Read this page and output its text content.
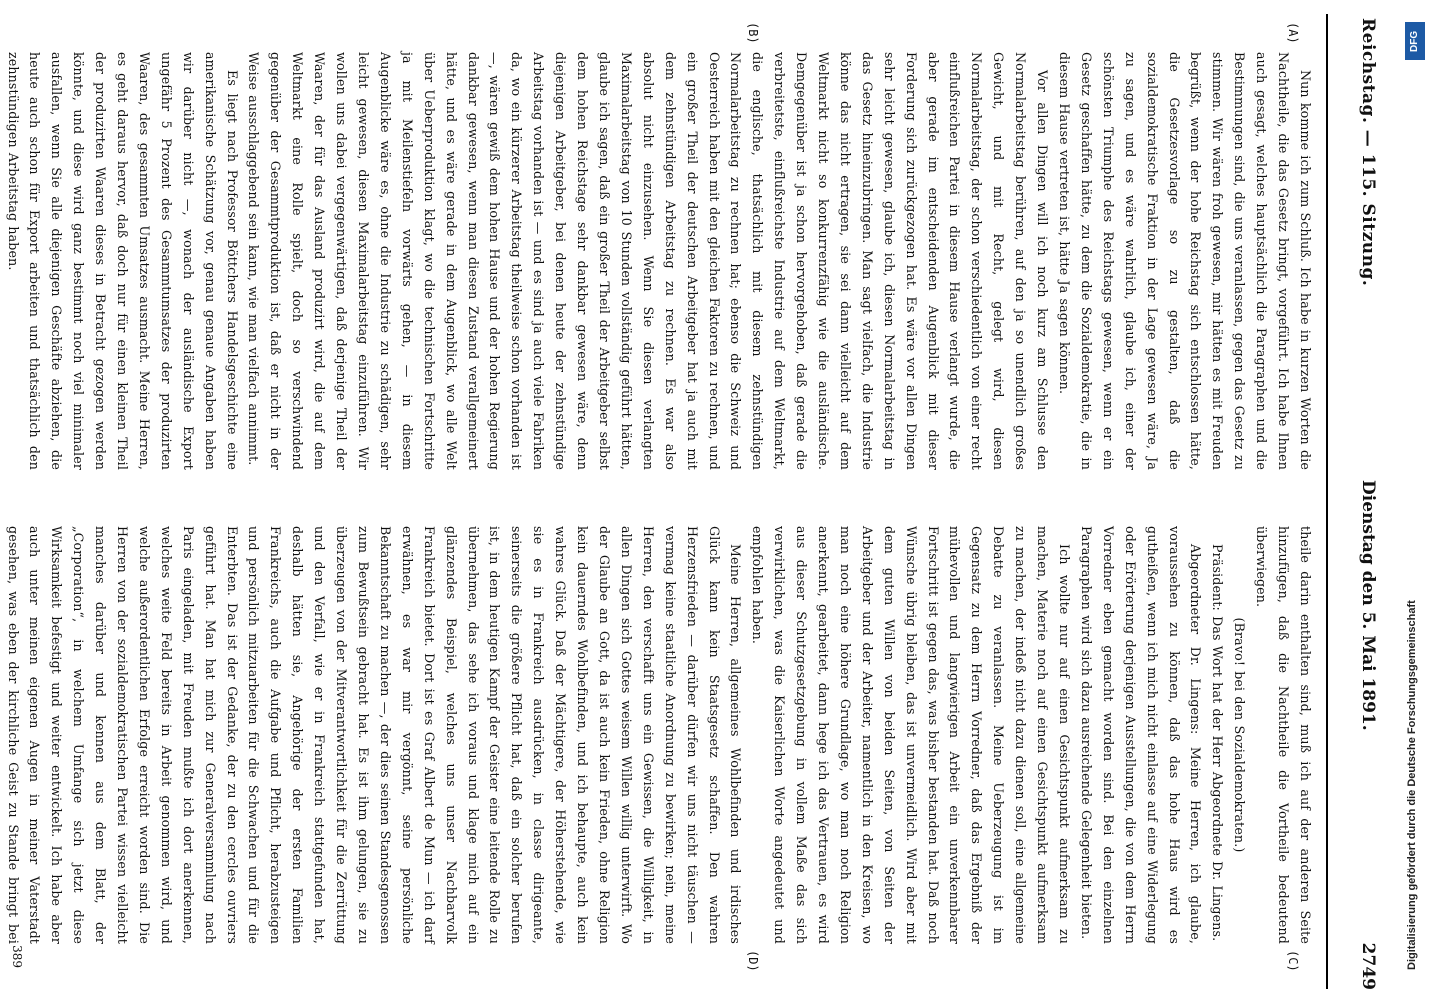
Reichstag. — 115. Sitzung.
Dienstag den 5. Mai 1891.
2749
(A)
(B)
(C)
(D)

Nun komme ich zum Schluß. Ich habe in kurzen Worten die Nachtheile, die das Gesetz bringt, vorgeführt. Ich habe Ihnen auch gesagt, welches hauptsächlich die Paragraphen und die Bestimmungen sind, die uns veranlassen, gegen das Gesetz zu stimmen. Wir wären froh gewesen, mir hätten es mit Freuden begrüßt, wenn der hohe Reichstag sich entschlossen hätte, die Gesetzesvorlage so zu gestalten, daß die sozialdemokratische Fraktion in der Lage gewesen wäre, Ja zu sagen, und es wäre wahrlich, glaube ich, einer der schönsten Triumphe des Reichstags gewesen, wenn er ein Gesetz geschaffen hätte, zu dem die Sozialdemokratie, die in diesem Hause vertreten ist, hätte Ja sagen können.

Vor allen Dingen will ich noch kurz am Schlusse den Normalarbeitstag berühren, auf den ja so unendlich großes Gewicht, und mit Recht, gelegt wird, diesen Normalarbeitstag, der schon verschiedentlich von einer recht einflußreichen Partei in diesem Hause verlangt wurde, die aber gerade im entscheidenden Augenblick mit dieser Forderung sich zurückgezogen hat. Es wäre vor allen Dingen sehr leicht gewesen, glaube ich, diesen Normalarbeitstag in das Gesetz hineinzubringen. Man sagt vielfach, die Industrie könne das nicht ertragen, sie sei dann vielleicht auf dem Weltmarkt nicht so konkurrenzfähig wie die ausländische. Demgegenüber ist ja schon hervorgehoben, daß gerade die verbreitetste, einflußreichste Industrie auf dem Weltmarkt, die englische, thatsächlich mit diesem zehnstündigen Normalarbeitstag zu rechnen hat; ebenso die Schweiz und Oesterreich haben mit den gleichen Faktoren zu rechnen, und ein großer Theil der deutschen Arbeitgeber hat ja auch mit dem zehnstündigen Arbeitstag zu rechnen. Es war also absolut nicht einzusehen. Wenn Sie diesen verlangten Maximalarbeitstag von 10 Stunden vollständig geführt hätten, glaube ich sagen, daß ein großer Theil der Arbeitgeber selbst dem hohen Reichstage sehr dankbar gewesen wäre, denn diejenigen Arbeitgeber, bei denen heute der zehnstündige Arbeitstag vorhanden ist — und es sind ja auch viele Fabriken da, wo ein kürzerer Arbeitstag theilweise schon vorhanden ist —, wären gewiß dem hohen Hause und der hohen Regierung dankbar gewesen, wenn man diesen Zustand verallgemeinert hätte, und es wäre gerade in dem Augenblick, wo alle Welt über Ueberproduktion klagt, wo die technischen Fortschritte ja mit Meilenstiefeln vorwärts gehen, — in diesem Augenblicke wäre es, ohne die Industrie zu schädigen, sehr leicht gewesen, diesen Maximalarbeitstag einzuführen. Wir wollen uns dabei vergegenwärtigen, daß derjenige Theil der Waaren, der für das Ausland produzirt wird, die auf dem Weltmarkt eine Rolle spielt, doch so verschwindend gegenüber der Gesammtproduktion ist, daß er nicht in der Weise ausschlaggebend sein kann, wie man vielfach annimmt.

Es liegt nach Professor Böttchers Handelsgeschichte eine amerikanische Schätzung vor, genau genaue Angaben haben wir darüber nicht —, wonach der ausländische Export ungefähr 5 Prozent des Gesammtumsatzes der produzirten Waaren, des gesammten Umsatzes ausmacht. Meine Herren, es geht daraus hervor, daß doch nur für einen kleinen Theil der produzirten Waaren dieses in Betracht gezogen werden könnte, und diese wird ganz bestimmt noch viel minimaler ausfallen, wenn Sie alle diejenigen Geschäfte abziehen, die heute auch schon für Export arbeiten und thatsächlich den zehnstündigen Arbeitstag haben.

theile darin enthalten sind, muß ich auf der anderen Seite hinzufügen, daß die Nachtheile die Vortheile bedeutend überwiegen.

(Bravo! bei den Sozialdemokraten.)

Präsident: Das Wort hat der Herr Abgeordnete Dr. Lingens.

Abgeordneter Dr. Lingens: Meine Herren, ich glaube, voraussehen zu können, daß das hohe Haus wird es gutheißen, wenn ich mich nicht einlasse auf eine Widerlegung oder Erörterung derjenigen Ausstellungen, die von dem Herrn Vorredner eben gemacht worden sind. Bei den einzelnen Paragraphen wird sich dazu ausreichende Gelegenheit bieten.

Ich wollte nur auf einen Gesichtspunkt aufmerksam zu machen, Materie noch auf einen Gesichtspunkt aufmerksam zu machen, der indeß nicht dazu dienen soll, eine allgemeine Debatte zu veranlassen. Meine Ueberzeugung ist im Gegensatz zu dem Herrn Vorredner, daß das Ergebniß der mühevollen und langwierigen Arbeit ein unverkennbarer Fortschritt ist gegen das, was bisher bestanden hat. Daß noch Wünsche übrig bleiben, das ist unvermeidlich. Wird aber mit dem guten Willen von beiden Seiten, von Seiten der Arbeitgeber und der Arbeiter, namentlich in den Kreisen, wo man noch eine höhere Grundlage, wo man noch Religion anerkennt, gearbeitet, dann hege ich das Vertrauen, es wird aus dieser Schutzgesetzgebung in vollem Maße das sich verwirklichen, was die Kaiserlichen Worte angedeutet und empfohlen haben.

Meine Herren, allgemeines Wohlbefinden und irdisches Glück kann kein Staatsgesetz schaffen. Den wahren Herzensfrieden — darüber dürfen wir uns nicht täuschen — vermag keine staatliche Anordnung zu bewirken; nein, meine Herren, den verschafft uns ein Gewissen, die Willigkeit, in allen Dingen sich Gottes weisem Willen willig unterwirft. Wo der Glaube an Gott, da ist auch kein Frieden, ohne Religion kein dauerndes Wohlbefinden, und ich behaupte, auch kein wahres Glück. Daß der Mächtigere, der Höherstehende, wie sie es in Frankreich ausdrücken, in classe dirigeante, seinerseits die größere Pflicht hat, daß ein solcher berufen ist, in dem heutigen Kampf der Geister eine leitende Rolle zu übernehmen, das sehe ich voraus und klage mich auf ein glänzendes Beispiel, welches uns unser Nachbarvolk Frankreich bietet. Dort ist es Graf Albert de Mun — ich darf erwähnen, es war mir vergönnt, seine persönliche Bekanntschaft zu machen —, der dies seinen Standesgenossen zum Bewußtsein gebracht hat. Es ist ihm gelungen, sie zu überzeugen von der Mitverantwortlichkeit für die Zerrüttung und den Verfall, wie er in Frankreich stattgefunden hat, deshalb hätten sie, Angehörige der ersten Familien Frankreichs, auch die Aufgabe und Pflicht, herabzusteigen und persönlich mitzuarbeiten für die Schwachen und für die Enterbten. Das ist der Gedanke, der zu den cercles ouvriers geführt hat. Man hat mich zur Generalversammlung nach Paris eingeladen, mit Freuden mußte ich dort anerkennen, welches weite Feld bereits in Arbeit genommen wird, und welche außerordentlichen Erfolge erreicht worden sind. Die Herren von der sozialdemokratischen Partei wissen vielleicht manches darüber und kennen aus dem Blatt, der „Corporation“, in welchem Umfange sich jetzt diese Wirksamkeit befestigt und weiter entwickelt. Ich habe aber auch unter meinen eigenen Augen in meiner Vaterstadt gesehen, was eben der kirchliche Geist zu Stande bringt bei

389
DFG
Digitalisierung gefördert durch die Deutsche Forschungsgemeinschaft
